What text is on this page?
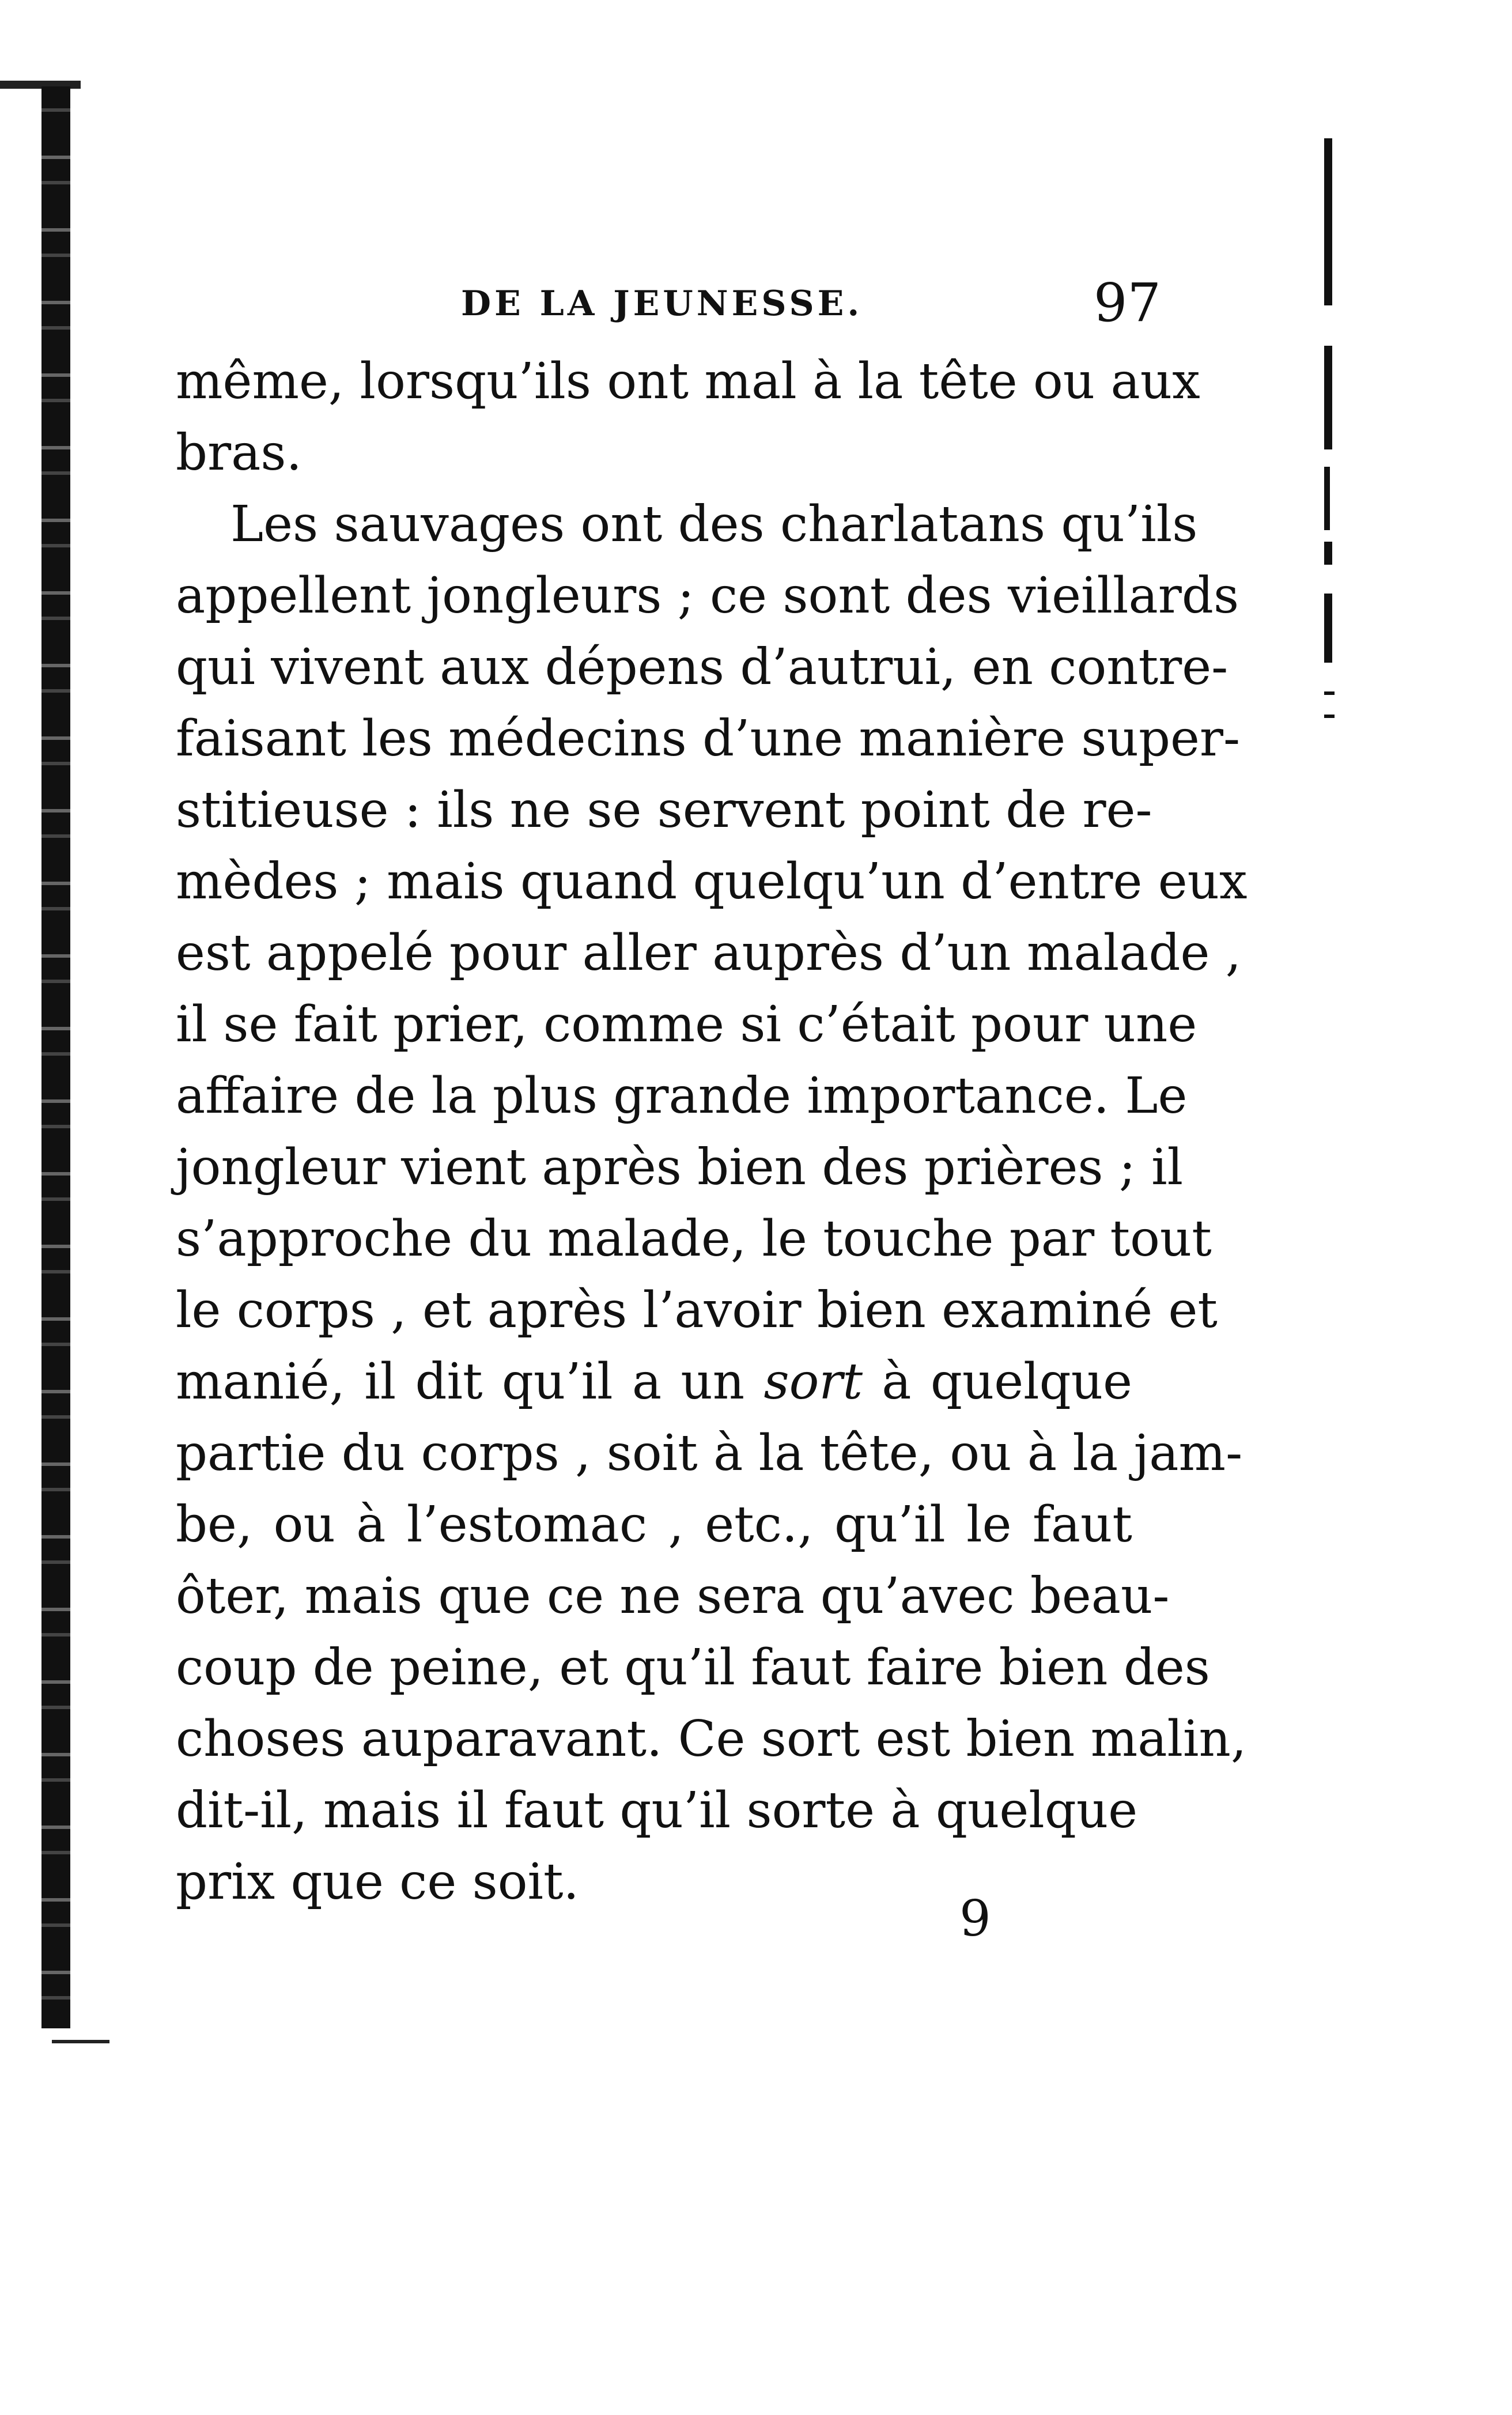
DE LA JEUNESSE.	97
même, lorsqu’ils ont mal à la tête ou aux
bras.
Les sauvages ont des charlatans qu’ils
appellent jongleurs ; ce sont des vieillards
qui vivent aux dépens d’autrui, en contre-
faisant les médecins d’une manière super-
stitieuse : ils ne se servent point de re-
mèdes ; mais quand quelqu’un d’entre eux
est appelé pour aller auprès d’un malade ,
il se fait prier, comme si c’était pour une
affaire de la plus grande importance. Le
jongleur vient après bien des prières ; il
s’approche du malade, le touche par tout
le corps , et après l’avoir bien examiné et
manié, il dit qu’il a un sort à quelque
partie du corps , soit à la tête, ou à la jam-
be, ou à l’estomac , etc., qu’il le faut
ôter, mais que ce ne sera qu’avec beau-
coup de peine, et qu’il faut faire bien des
choses auparavant. Ce sort est bien malin,
dit-il, mais il faut qu’il sorte à quelque
prix que ce soit.
9
